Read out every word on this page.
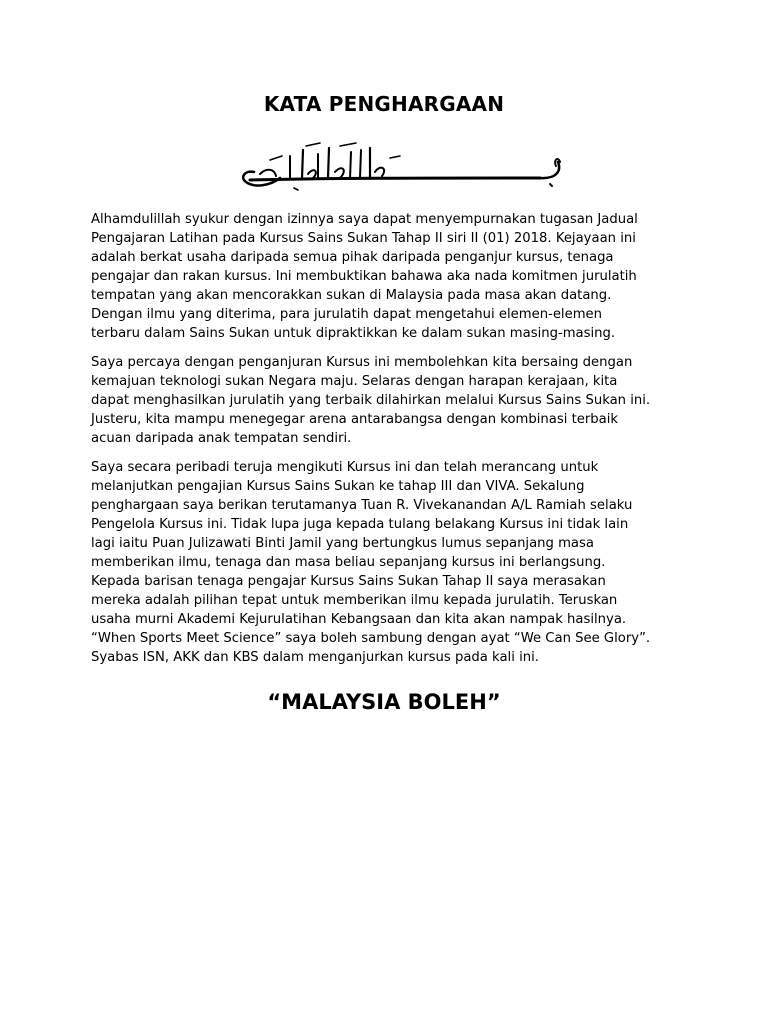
KATA PENGHARGAAN

Alhamdulillah syukur dengan izinnya saya dapat menyempurnakan tugasan Jadual
Pengajaran Latihan pada Kursus Sains Sukan Tahap II siri II (01) 2018. Kejayaan ini
adalah berkat usaha daripada semua pihak daripada penganjur kursus, tenaga
pengajar dan rakan kursus. Ini membuktikan bahawa aka nada komitmen jurulatih
tempatan yang akan mencorakkan sukan di Malaysia pada masa akan datang.
Dengan ilmu yang diterima, para jurulatih dapat mengetahui elemen-elemen
terbaru dalam Sains Sukan untuk dipraktikkan ke dalam sukan masing-masing.

Saya percaya dengan penganjuran Kursus ini membolehkan kita bersaing dengan
kemajuan teknologi sukan Negara maju. Selaras dengan harapan kerajaan, kita
dapat menghasilkan jurulatih yang terbaik dilahirkan melalui Kursus Sains Sukan ini.
Justeru, kita mampu menegegar arena antarabangsa dengan kombinasi terbaik
acuan daripada anak tempatan sendiri.

Saya secara peribadi teruja mengikuti Kursus ini dan telah merancang untuk
melanjutkan pengajian Kursus Sains Sukan ke tahap III dan VIVA. Sekalung
penghargaan saya berikan terutamanya Tuan R. Vivekanandan A/L Ramiah selaku
Pengelola Kursus ini. Tidak lupa juga kepada tulang belakang Kursus ini tidak lain
lagi iaitu Puan Julizawati Binti Jamil yang bertungkus lumus sepanjang masa
memberikan ilmu, tenaga dan masa beliau sepanjang kursus ini berlangsung.
Kepada barisan tenaga pengajar Kursus Sains Sukan Tahap II saya merasakan
mereka adalah pilihan tepat untuk memberikan ilmu kepada jurulatih. Teruskan
usaha murni Akademi Kejurulatihan Kebangsaan dan kita akan nampak hasilnya.
“When Sports Meet Science” saya boleh sambung dengan ayat “We Can See Glory”.
Syabas ISN, AKK dan KBS dalam menganjurkan kursus pada kali ini.

“MALAYSIA BOLEH”
